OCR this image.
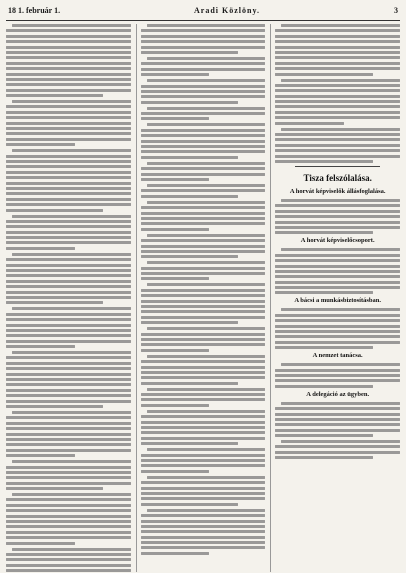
18 1. február 1.	Aradi Közlöny.	3
Tisza felszólalása.
A horvát képviselők állásfoglalása.
A horvát képviselőcsoport.
A bácsi a munkásbiztosításban.
A nemzet tanácsa.
A delegáció az ügyben.
